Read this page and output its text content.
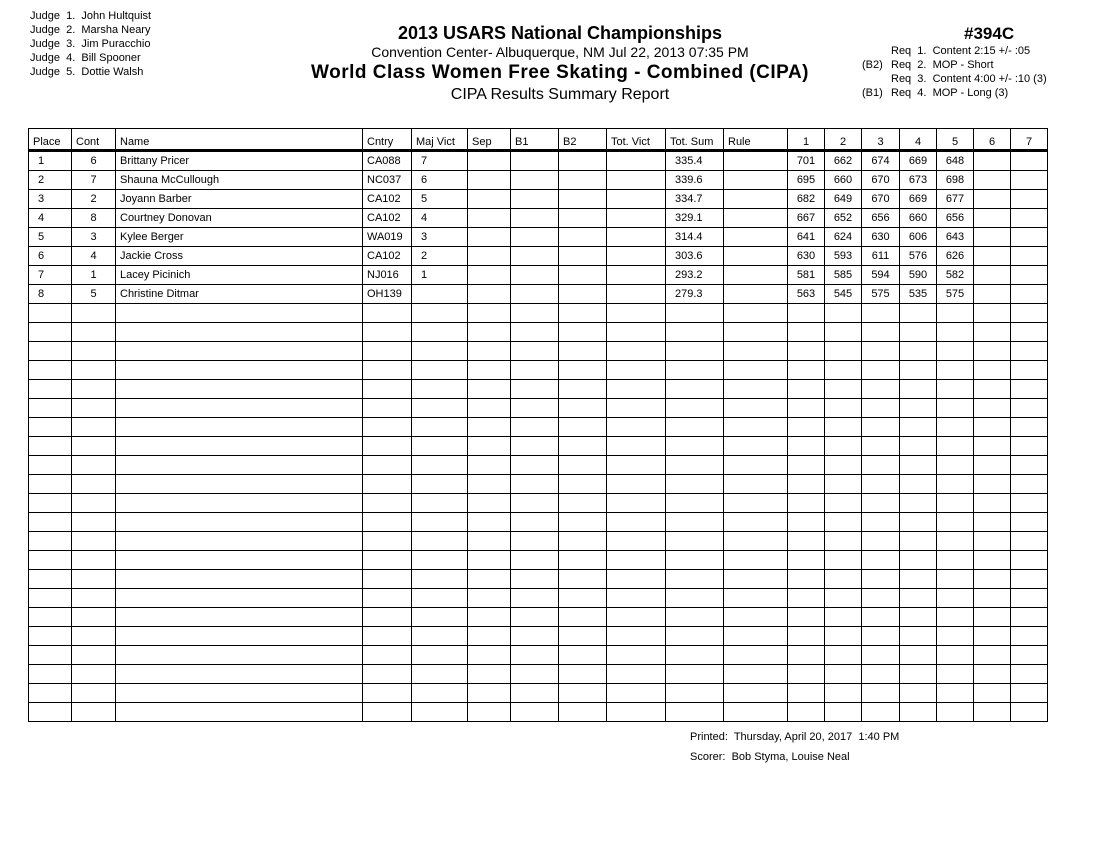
Judge  1. John Hultquist
Judge  2. Marsha Neary
Judge  3. Jim Puracchio
Judge  4. Bill Spooner
Judge  5. Dottie Walsh
2013 USARS National Championships
Convention Center- Albuquerque, NM Jul 22, 2013 07:35 PM
World Class Women Free Skating - Combined (CIPA)
CIPA Results Summary Report
#394C
Req  1.  Content 2:15 +/- :05
(B2) Req  2.  MOP - Short
Req  3.  Content 4:00 +/- :10 (3)
(B1) Req  4.  MOP - Long (3)
Place	Cont	Name	Cntry	Maj Vict	Sep	B1	B2	Tot. Vict	Tot. Sum	Rule	1	2	3	4	5	6	7
1	6	Brittany Pricer	CA088	7					335.4		701	662	674	669	648		
2	7	Shauna McCullough	NC037	6					339.6		695	660	670	673	698		
3	2	Joyann Barber	CA102	5					334.7		682	649	670	669	677		
4	8	Courtney Donovan	CA102	4					329.1		667	652	656	660	656		
5	3	Kylee Berger	WA019	3					314.4		641	624	630	606	643		
6	4	Jackie Cross	CA102	2					303.6		630	593	611	576	626		
7	1	Lacey Picinich	NJ016	1					293.2		581	585	594	590	582		
8	5	Christine Ditmar	OH139						279.3		563	545	575	535	575		

Printed:  Thursday, April 20, 2017  1:40 PM
Scorer:  Bob Styma, Louise Neal
